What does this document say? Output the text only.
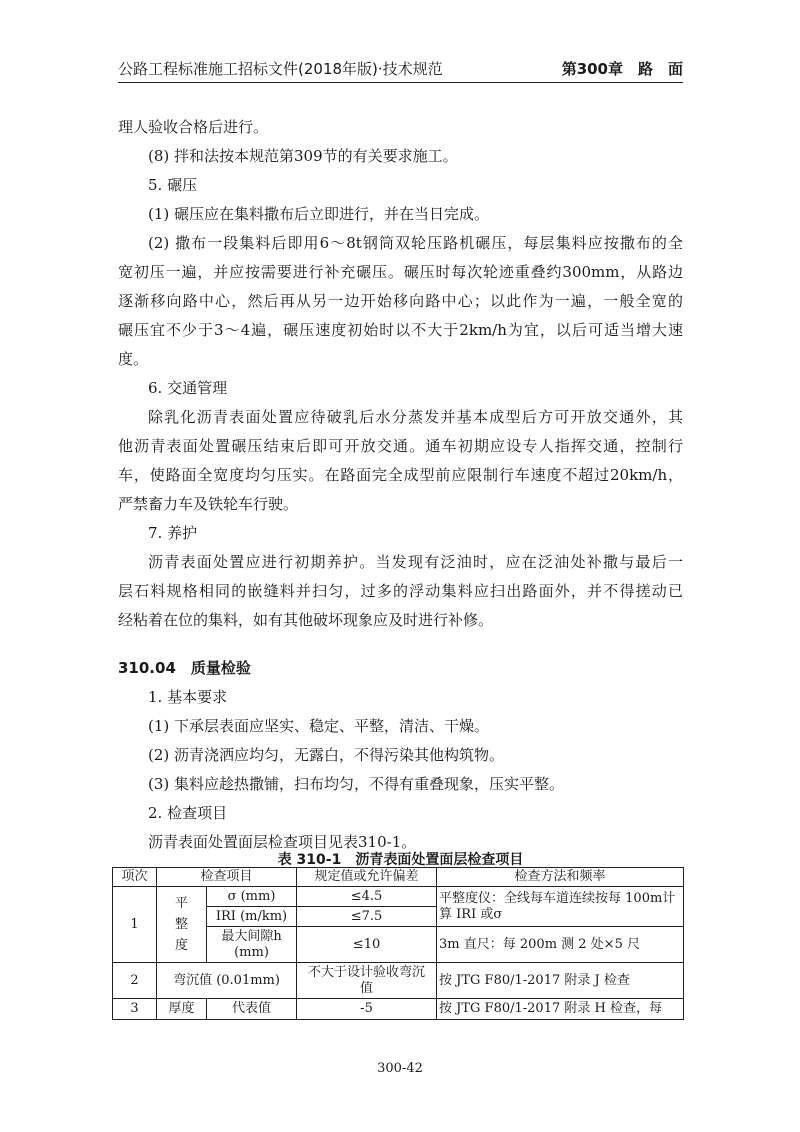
公路工程标准施工招标文件(2018年版)·技术规范	第300章　路　面
理人验收合格后进行。
(8) 拌和法按本规范第309节的有关要求施工。
5. 碾压
(1) 碾压应在集料撒布后立即进行，并在当日完成。
(2) 撒布一段集料后即用6～8t钢筒双轮压路机碾压，每层集料应按撒布的全
宽初压一遍，并应按需要进行补充碾压。碾压时每次轮迹重叠约300mm，从路边
逐渐移向路中心，然后再从另一边开始移向路中心；以此作为一遍，一般全宽的
碾压宜不少于3～4遍，碾压速度初始时以不大于2km/h为宜，以后可适当增大速
度。
6. 交通管理
除乳化沥青表面处置应待破乳后水分蒸发并基本成型后方可开放交通外，其
他沥青表面处置碾压结束后即可开放交通。通车初期应设专人指挥交通，控制行
车，使路面全宽度均匀压实。在路面完全成型前应限制行车速度不超过20km/h，
严禁畜力车及铁轮车行驶。
7. 养护
沥青表面处置应进行初期养护。当发现有泛油时，应在泛油处补撒与最后一
层石料规格相同的嵌缝料并扫匀，过多的浮动集料应扫出路面外，并不得搓动已
经粘着在位的集料，如有其他破坏现象应及时进行补修。
310.04　质量检验
1. 基本要求
(1) 下承层表面应坚实、稳定、平整，清洁、干燥。
(2) 沥青浇洒应均匀，无露白，不得污染其他构筑物。
(3) 集料应趁热撒铺，扫布均匀，不得有重叠现象，压实平整。
2. 检查项目
沥青表面处置面层检查项目见表310-1。
表 310-1　沥青表面处置面层检查项目
项次	检查项目		规定值或允许偏差	检查方法和频率
1	平整度	σ (mm)	≤4.5	平整度仪：全线每车道连续按每 100m计算 IRI 或σ
		IRI (m/km)	≤7.5	
		最大间隙h (mm)	≤10	3m 直尺：每 200m 测 2 处×5 尺
2	弯沉值 (0.01mm)		不大于设计验收弯沉值	按 JTG F80/1-2017 附录 J 检查
3	厚度	代表值	-5	按 JTG F80/1-2017 附录 H 检查，每
300-42
